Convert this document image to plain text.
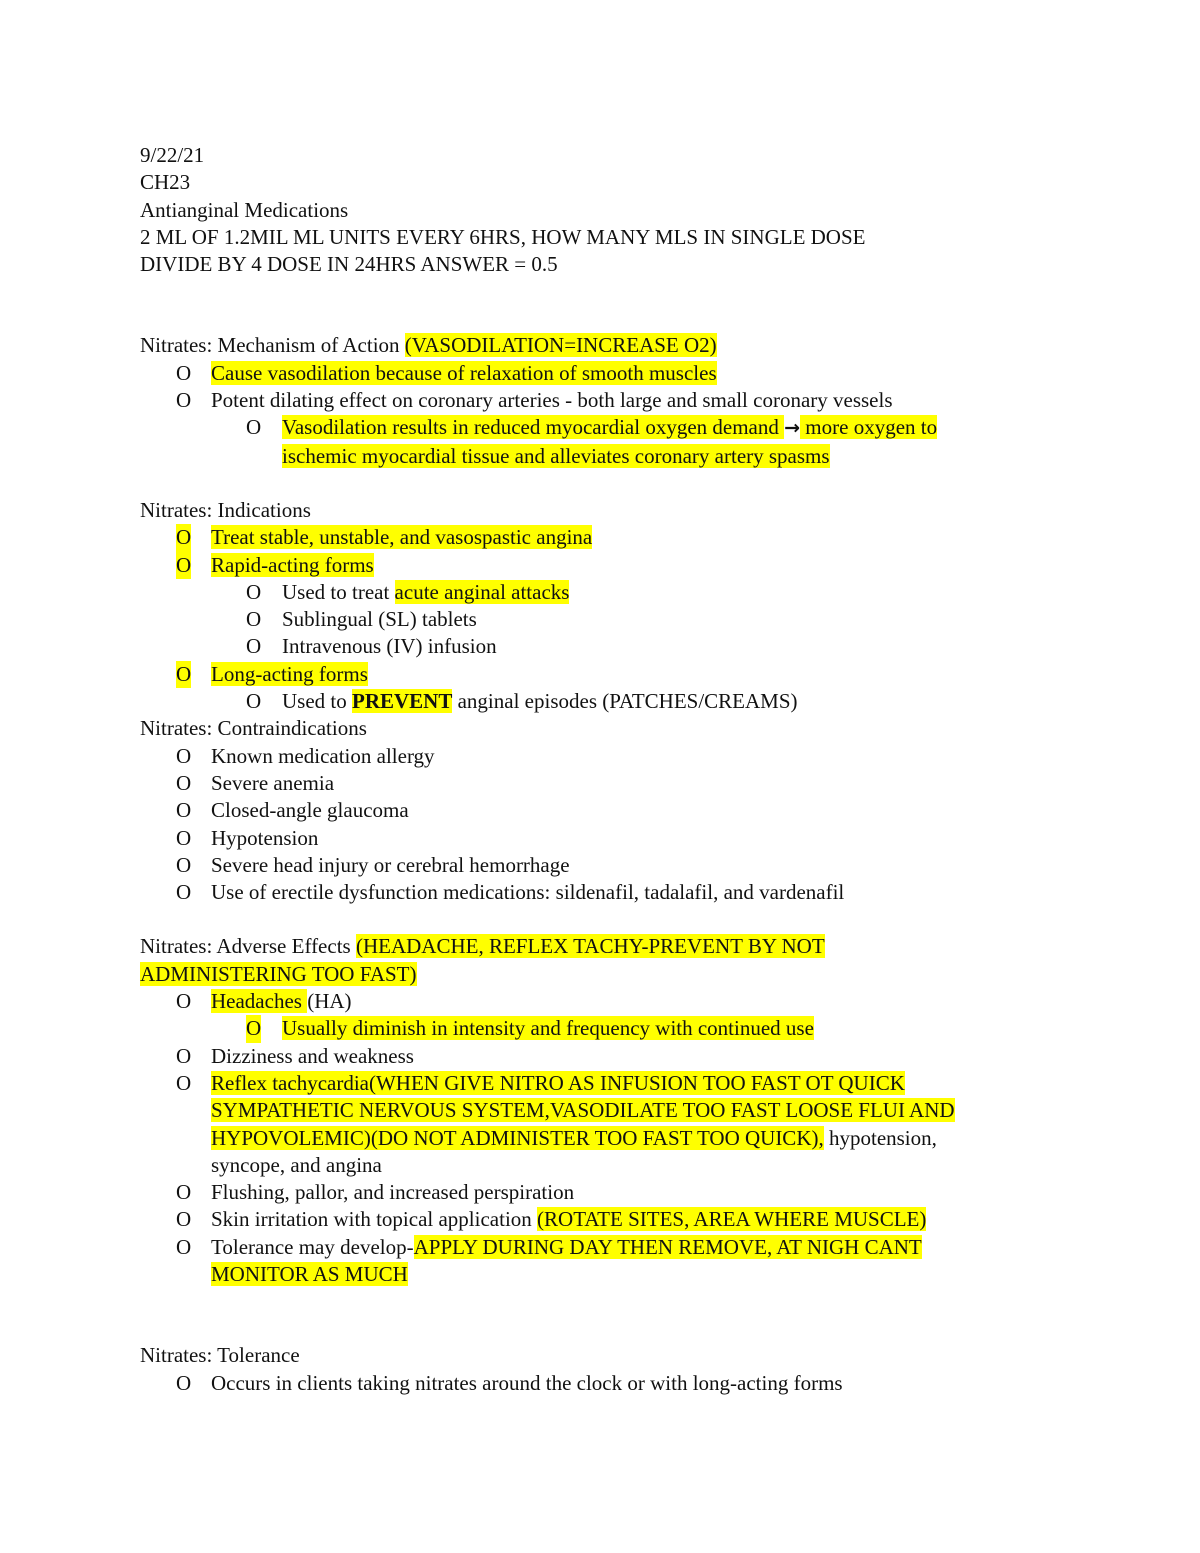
9/22/21
CH23
Antianginal Medications
2 ML OF 1.2MIL ML UNITS EVERY 6HRS, HOW MANY MLS IN SINGLE DOSE
DIVIDE BY 4 DOSE IN 24HRS ANSWER = 0.5
Nitrates: Mechanism of Action (VASODILATION=INCREASE O2)
O Cause vasodilation because of relaxation of smooth muscles
O Potent dilating effect on coronary arteries - both large and small coronary vessels
O Vasodilation results in reduced myocardial oxygen demand → more oxygen to
ischemic myocardial tissue and alleviates coronary artery spasms
Nitrates: Indications
O Treat stable, unstable, and vasospastic angina
O Rapid-acting forms
O Used to treat acute anginal attacks
O Sublingual (SL) tablets
O Intravenous (IV) infusion
O Long-acting forms
O Used to PREVENT anginal episodes (PATCHES/CREAMS)
Nitrates: Contraindications
O Known medication allergy
O Severe anemia
O Closed-angle glaucoma
O Hypotension
O Severe head injury or cerebral hemorrhage
O Use of erectile dysfunction medications: sildenafil, tadalafil, and vardenafil
Nitrates: Adverse Effects (HEADACHE, REFLEX TACHY-PREVENT BY NOT
ADMINISTERING TOO FAST)
O Headaches (HA)
O Usually diminish in intensity and frequency with continued use
O Dizziness and weakness
O Reflex tachycardia(WHEN GIVE NITRO AS INFUSION TOO FAST OT QUICK
SYMPATHETIC NERVOUS SYSTEM,VASODILATE TOO FAST LOOSE FLUI AND
HYPOVOLEMIC)(DO NOT ADMINISTER TOO FAST TOO QUICK), hypotension,
syncope, and angina
O Flushing, pallor, and increased perspiration
O Skin irritation with topical application (ROTATE SITES, AREA WHERE MUSCLE)
O Tolerance may develop-APPLY DURING DAY THEN REMOVE, AT NIGH CANT
MONITOR AS MUCH
Nitrates: Tolerance
O Occurs in clients taking nitrates around the clock or with long-acting forms
